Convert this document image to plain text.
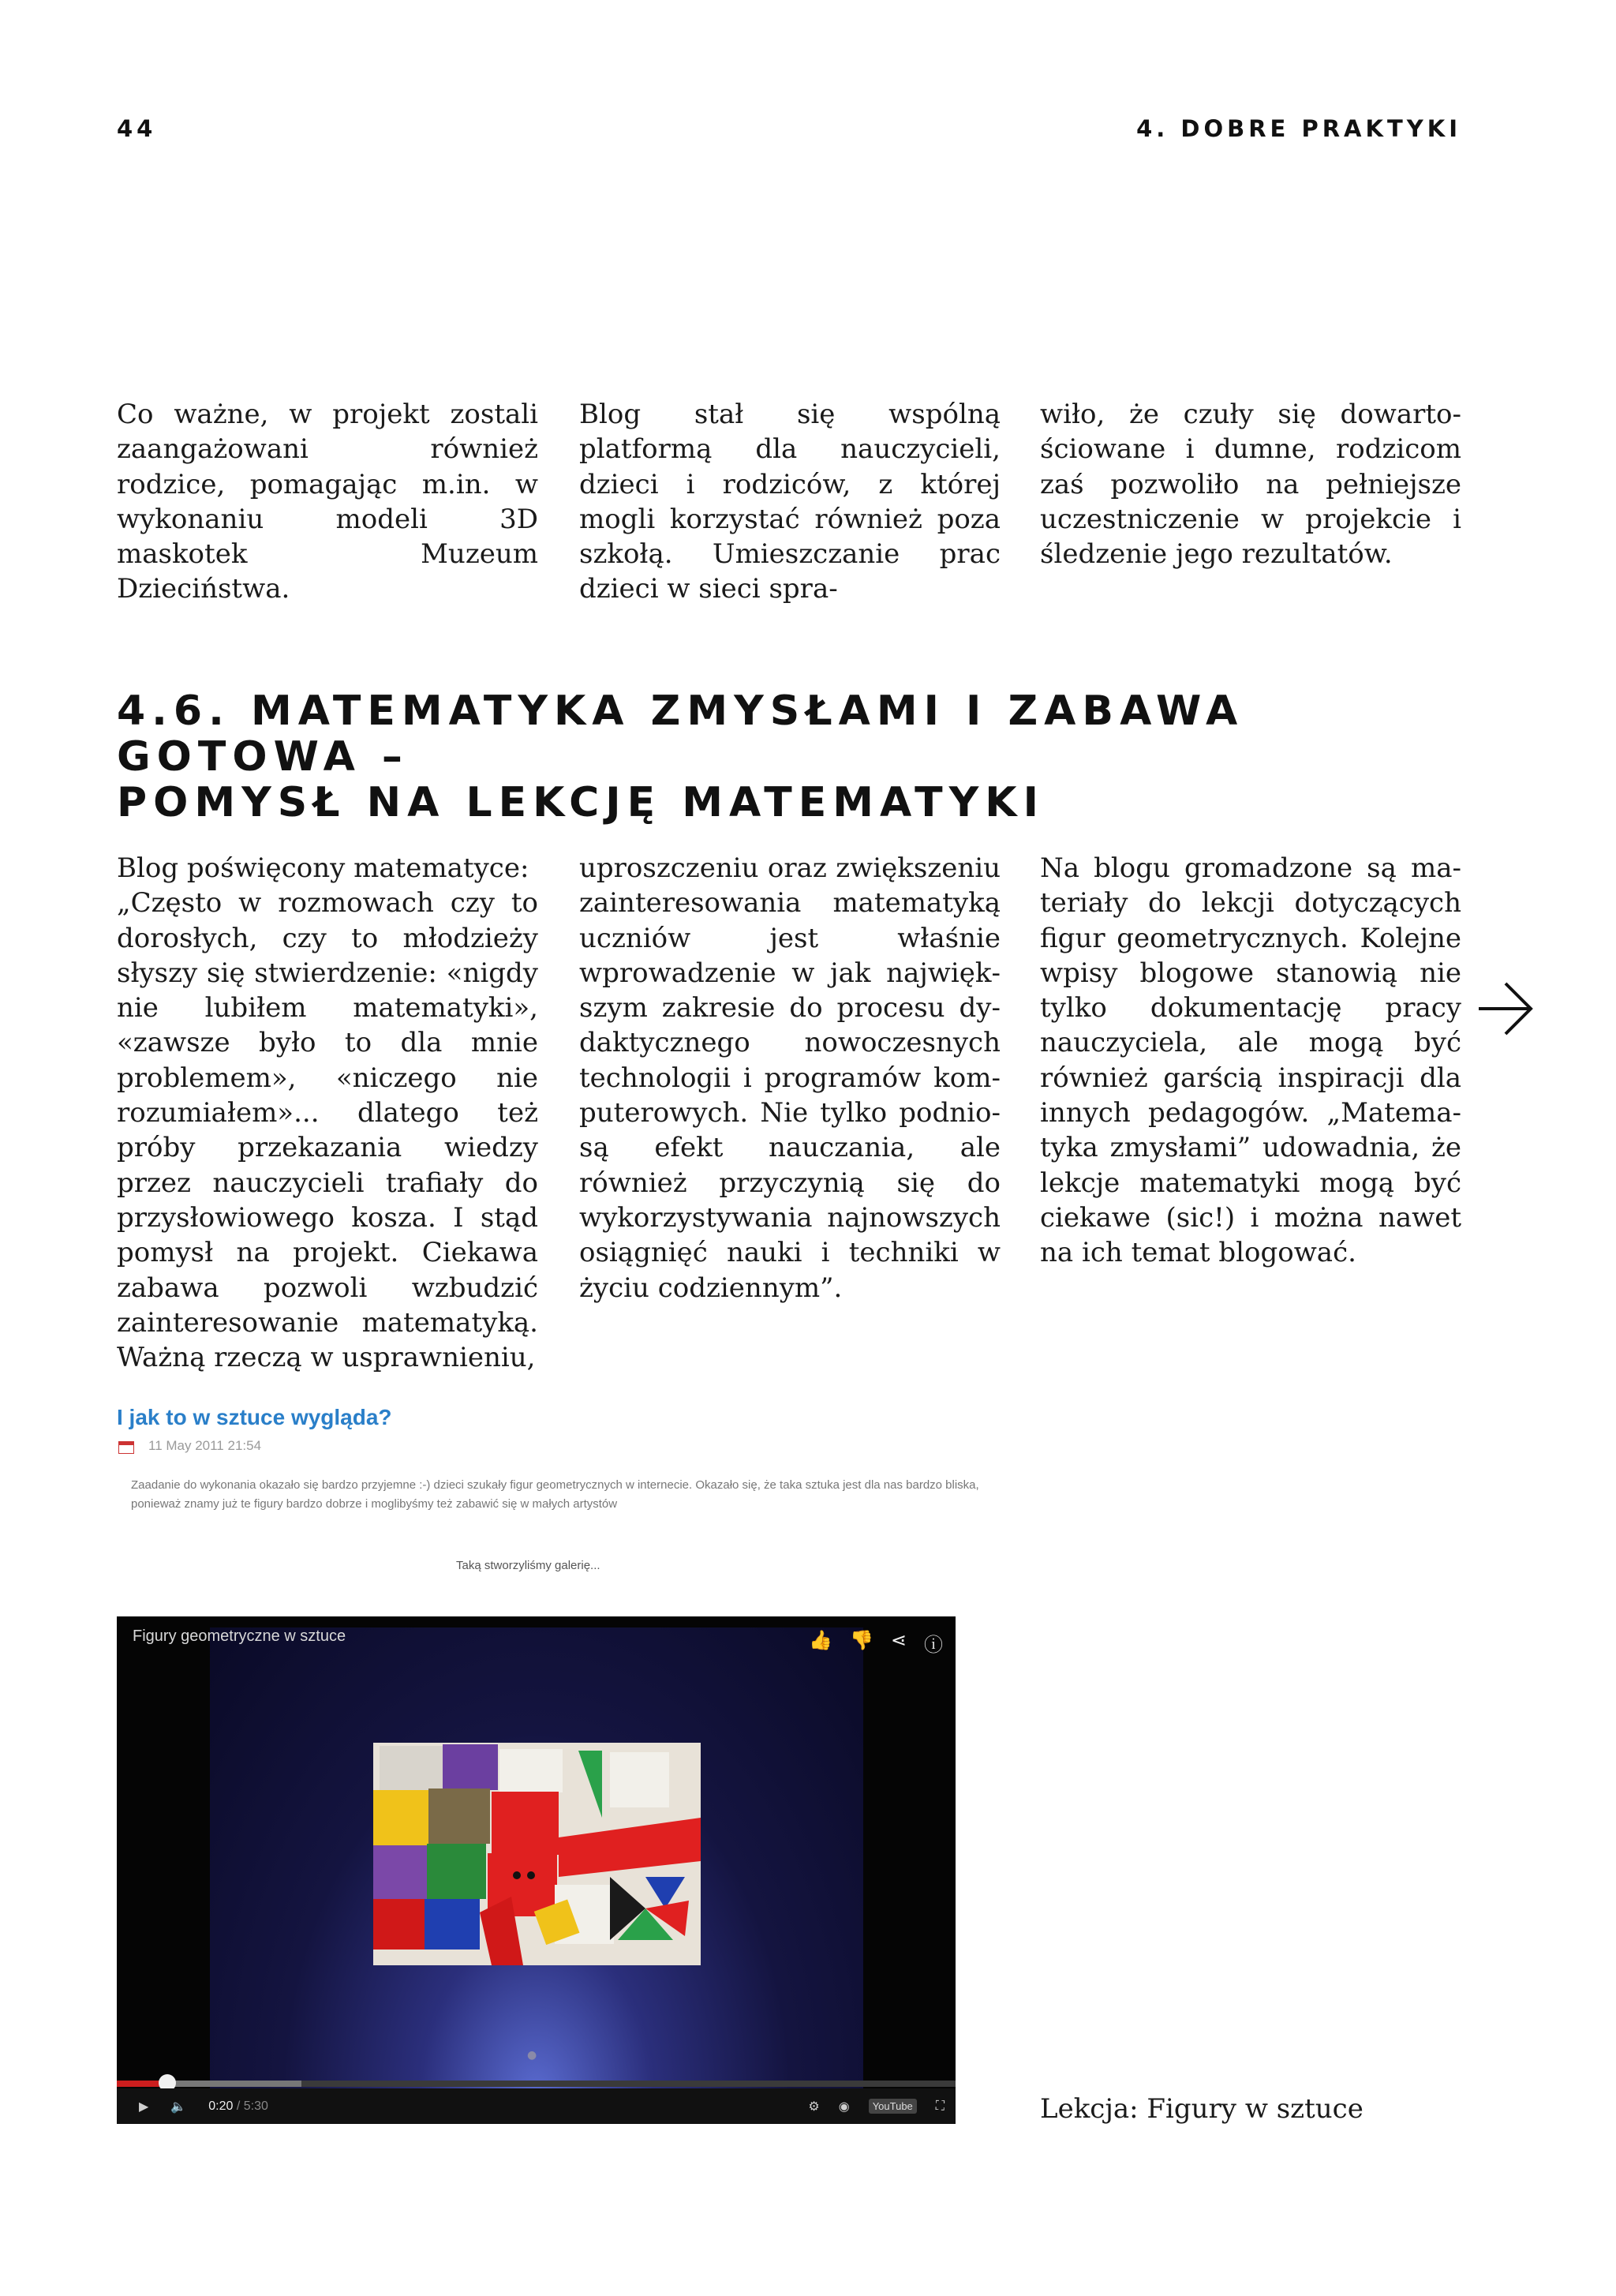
44	4. DOBRE PRAKTYKI
Co ważne, w projekt zostali zaangażowani również rodzice, pomagając m.in. w wykonaniu modeli 3D maskotek Muzeum Dzieciństwa.
Blog stał się wspólną platformą dla nauczycieli, dzieci i rodziców, z której mogli korzystać również poza szkołą. Umieszczanie prac dzieci w sieci spra-
wiło, że czuły się dowartościowane i dumne, rodzicom zaś pozwoliło na pełniejsze uczestniczenie w projekcie i śledzenie jego rezultatów.
4.6. MATEMATYKA ZMYSŁAMI I ZABAWA GOTOWA –
POMYSŁ NA LEKCJĘ MATEMATYKI

Blog poświęcony matematyce:

„Często w rozmowach czy to dorosłych, czy to młodzieży słyszy się stwierdzenie: «nigdy nie lubiłem matematyki», «zawsze było to dla mnie problemem», «niczego nie rozumiałem»... dlatego też próby przekazania wiedzy przez nauczycieli trafiały do przysłowiowego kosza. I stąd pomysł na projekt. Ciekawa zabawa pozwoli wzbudzić zainteresowanie matematyką. Ważną rzeczą w usprawnieniu,

uproszczeniu oraz zwiększeniu zainteresowania matematyką uczniów jest właśnie wprowadzenie w jak największym zakresie do procesu dydaktycznego nowoczesnych technologii i programów komputerowych. Nie tylko podniosą efekt nauczania, ale również przyczynią się do wykorzystywania najnowszych osiągnięć nauki i techniki w życiu codziennym”.
Na blogu gromadzone są materiały do lekcji dotyczących figur geometrycznych. Kolejne wpisy blogowe stanowią nie tylko dokumentację pracy nauczyciela, ale mogą być również garścią inspiracji dla innych pedagogów. „Matematyka zmysłami” udowadnia, że lekcje matematyki mogą być ciekawe (sic!) i można nawet na ich temat blogować.
I jak to w sztuce wygląda?
11 May 2011 21:54
Zaadanie do wykonania okazało się bardzo przyjemne :-) dzieci szukały figur geometrycznych w internecie. Okazało się, że taka sztuka jest dla nas bardzo bliska, ponieważ znamy już te figury bardzo dobrze i moglibyśmy też zabawić się w małych artystów
Taką stworzyliśmy galerię...
Figury geometryczne w sztuce	👍 👎 ⋖ ⓘ
●
▶ 🔈 0:20 / 5:30	⚙ ◉	YouTube	⛶	Lekcja: Figury w sztuce
